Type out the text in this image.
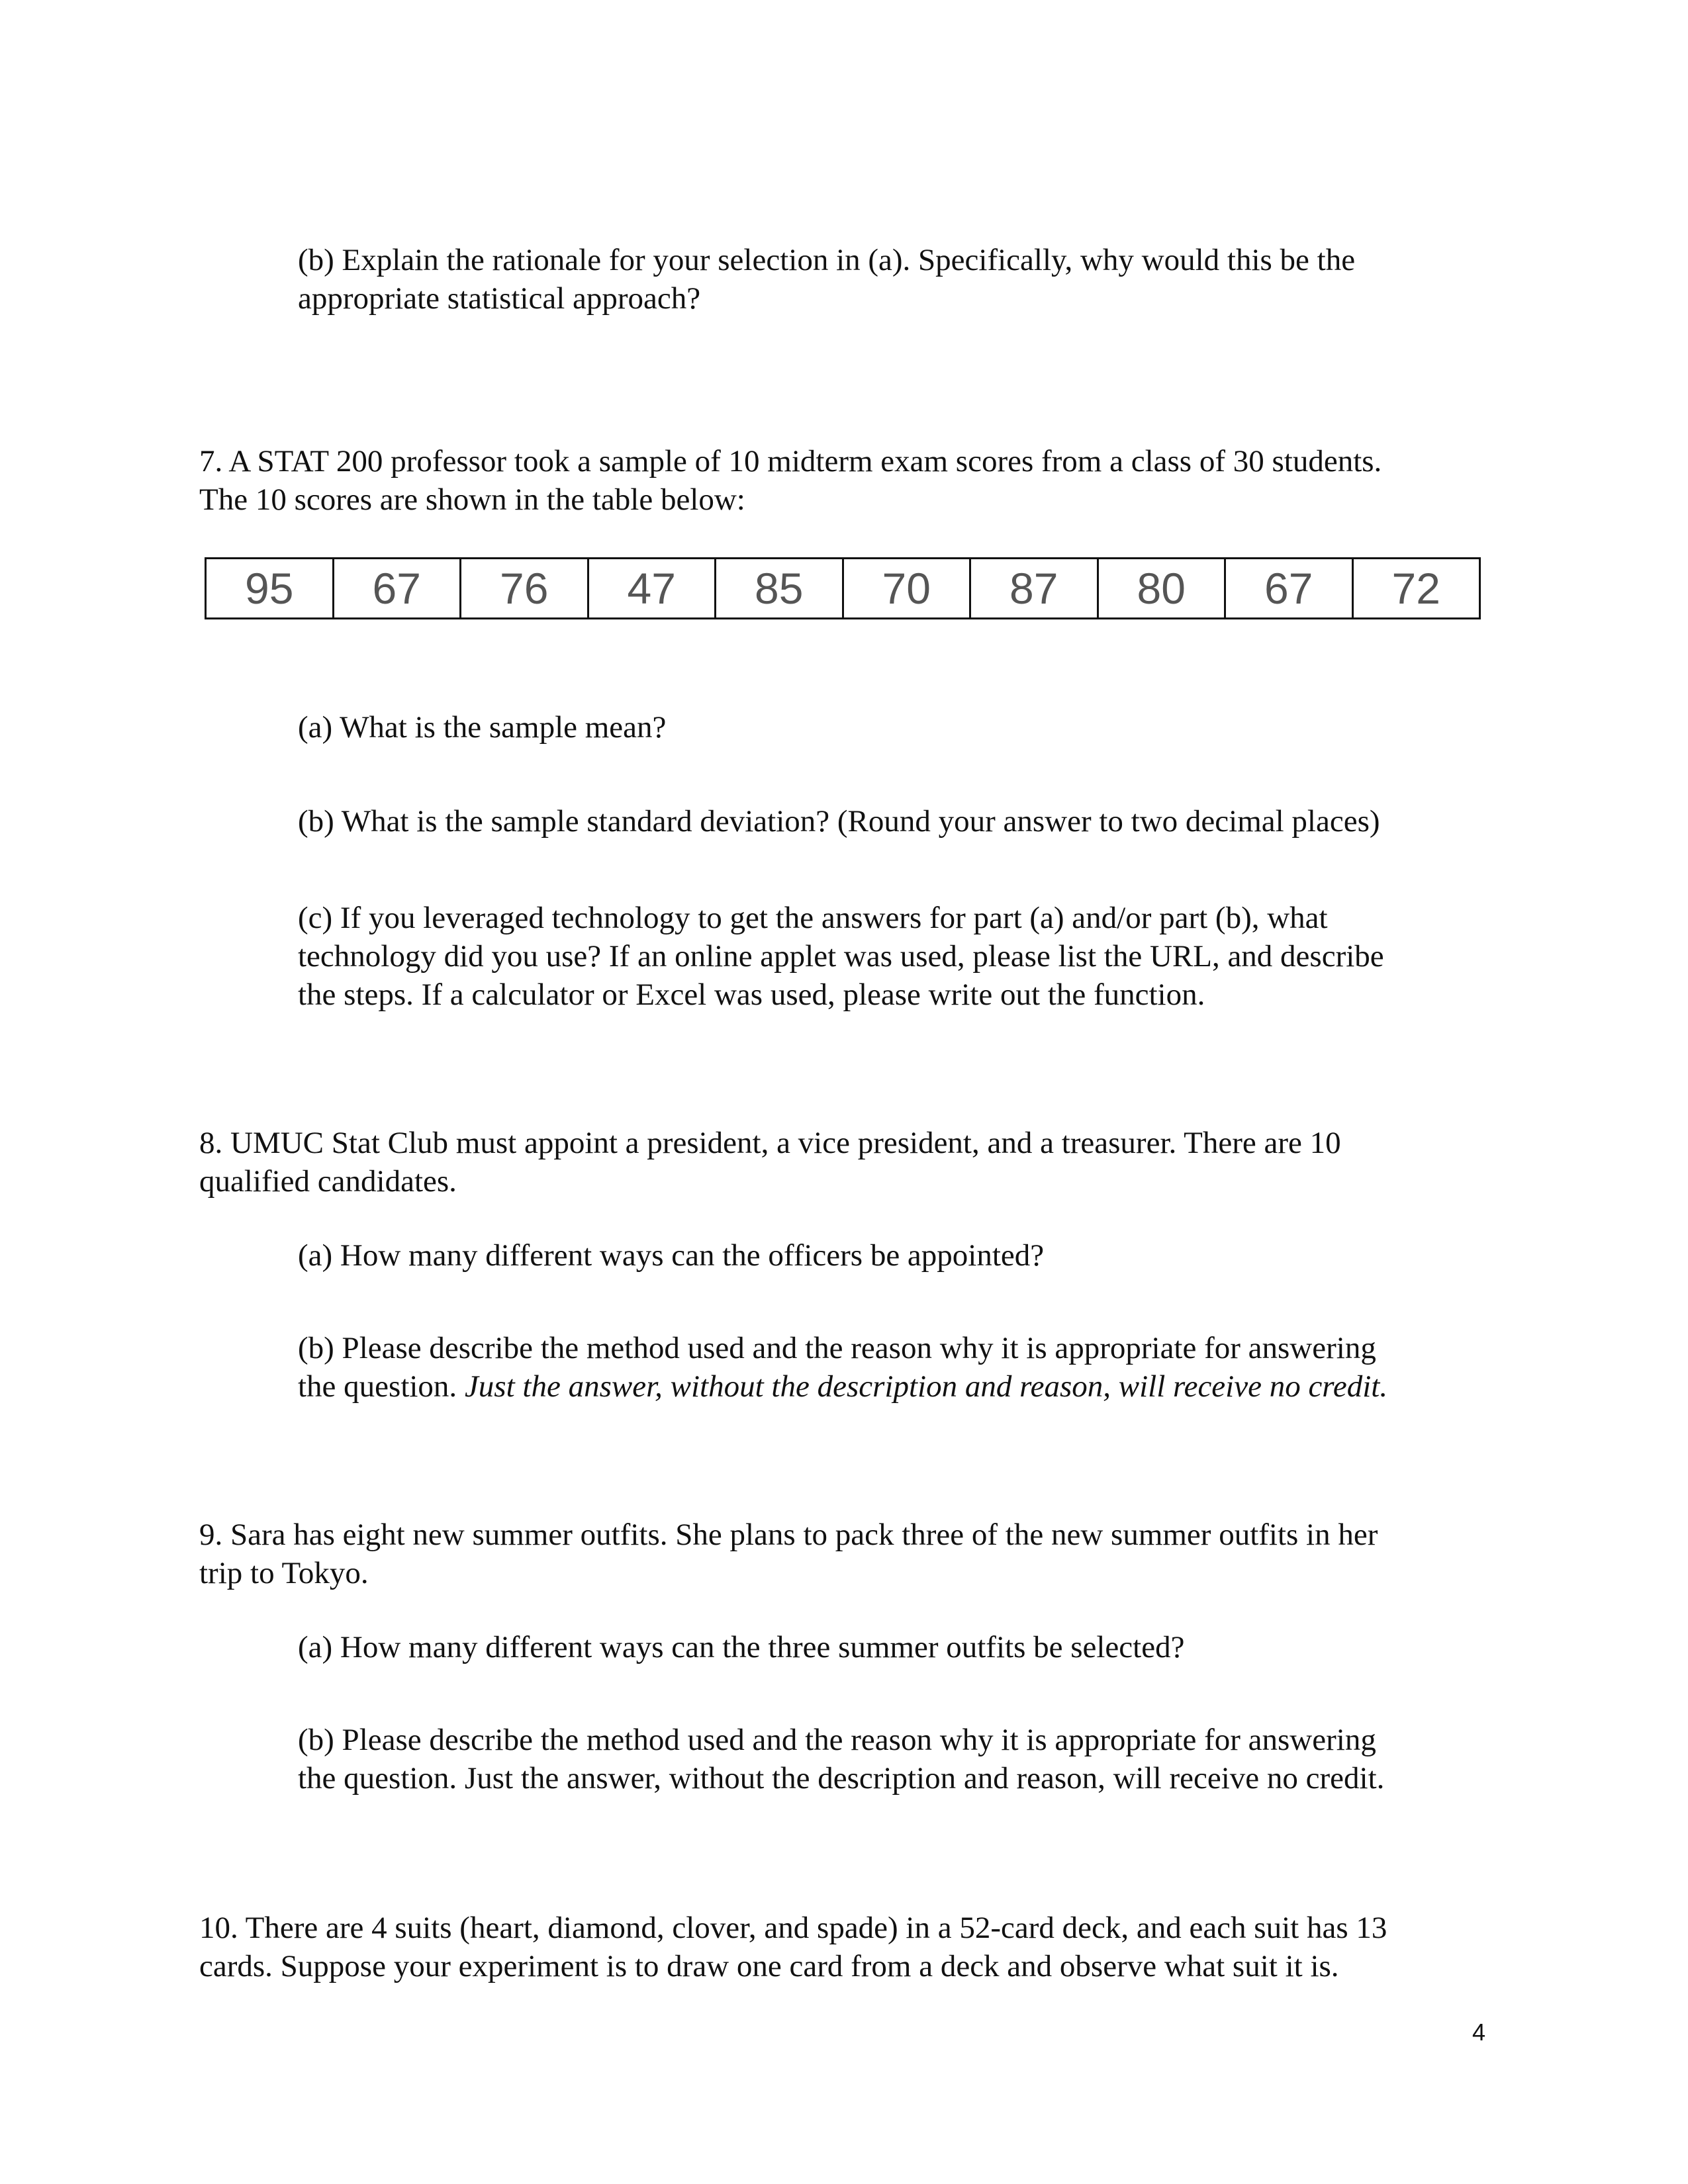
(b) Explain the rationale for your selection in (a). Specifically, why would this be the
appropriate statistical approach?
7. A STAT 200 professor took a sample of 10 midterm exam scores from a class of 30 students.
The 10 scores are shown in the table below:
95	67	76	47	85	70	87	80	67	72
(a) What is the sample mean?
(b) What is the sample standard deviation? (Round your answer to two decimal places)
(c) If you leveraged technology to get the answers for part (a) and/or part (b), what
technology did you use? If an online applet was used, please list the URL, and describe
the steps. If a calculator or Excel was used, please write out the function.
8. UMUC Stat Club must appoint a president, a vice president, and a treasurer. There are 10
qualified candidates.
(a) How many different ways can the officers be appointed?
(b) Please describe the method used and the reason why it is appropriate for answering
the question. Just the answer, without the description and reason, will receive no credit.
9. Sara has eight new summer outfits. She plans to pack three of the new summer outfits in her
trip to Tokyo.
(a) How many different ways can the three summer outfits be selected?
(b) Please describe the method used and the reason why it is appropriate for answering
the question. Just the answer, without the description and reason, will receive no credit.
10. There are 4 suits (heart, diamond, clover, and spade) in a 52-card deck, and each suit has 13
cards. Suppose your experiment is to draw one card from a deck and observe what suit it is.
4
